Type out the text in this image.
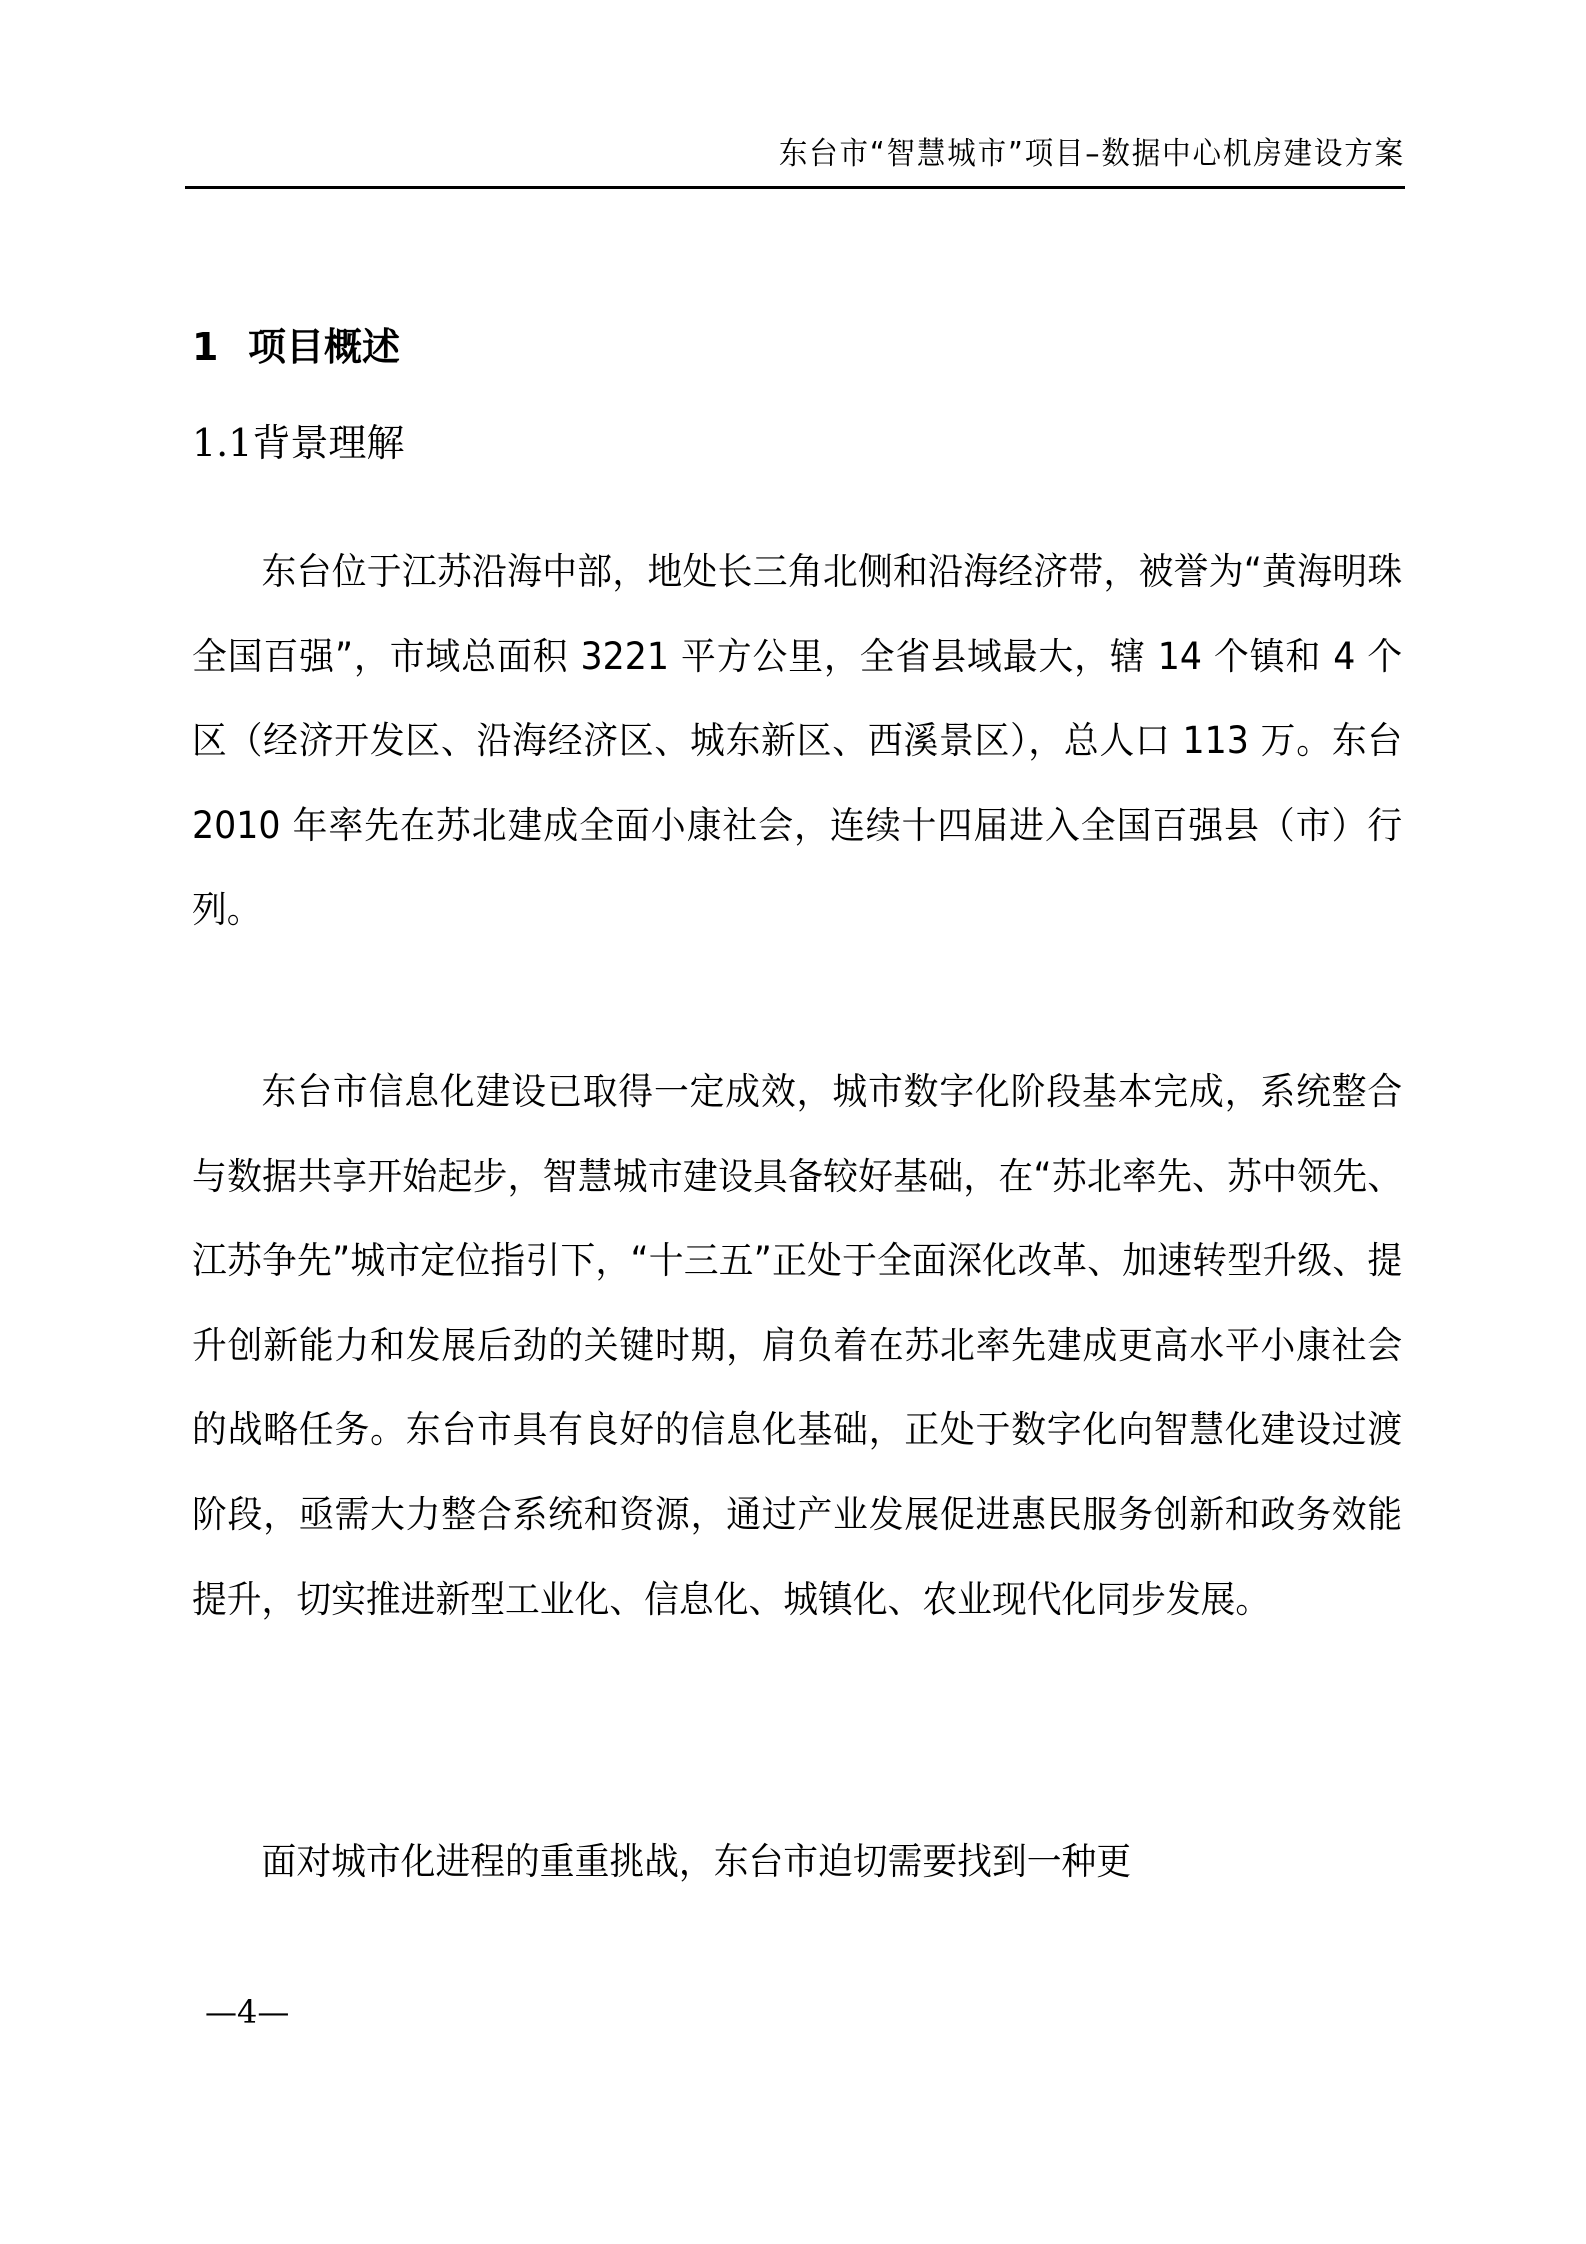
东台市“智慧城市”项目–数据中心机房建设方案
1 项目概述
1.1背景理解

东台位于江苏沿海中部，地处长三角北侧和沿海经济带，被誉为“黄海明珠全国百强”，市域总面积 3221 平方公里，全省县域最大，辖 14 个镇和 4 个区（经济开发区、沿海经济区、城东新区、西溪景区），总人口 113 万。东台 2010 年率先在苏北建成全面小康社会，连续十四届进入全国百强县（市）行列。

东台市信息化建设已取得一定成效，城市数字化阶段基本完成，系统整合与数据共享开始起步，智慧城市建设具备较好基础，在“苏北率先、苏中领先、江苏争先”城市定位指引下，“十三五”正处于全面深化改革、加速转型升级、提升创新能力和发展后劲的关键时期，肩负着在苏北率先建成更高水平小康社会的战略任务。东台市具有良好的信息化基础，正处于数字化向智慧化建设过渡阶段，亟需大力整合系统和资源，通过产业发展促进惠民服务创新和政务效能提升，切实推进新型工业化、信息化、城镇化、农业现代化同步发展。

面对城市化进程的重重挑战，东台市迫切需要找到一种更

—4—
